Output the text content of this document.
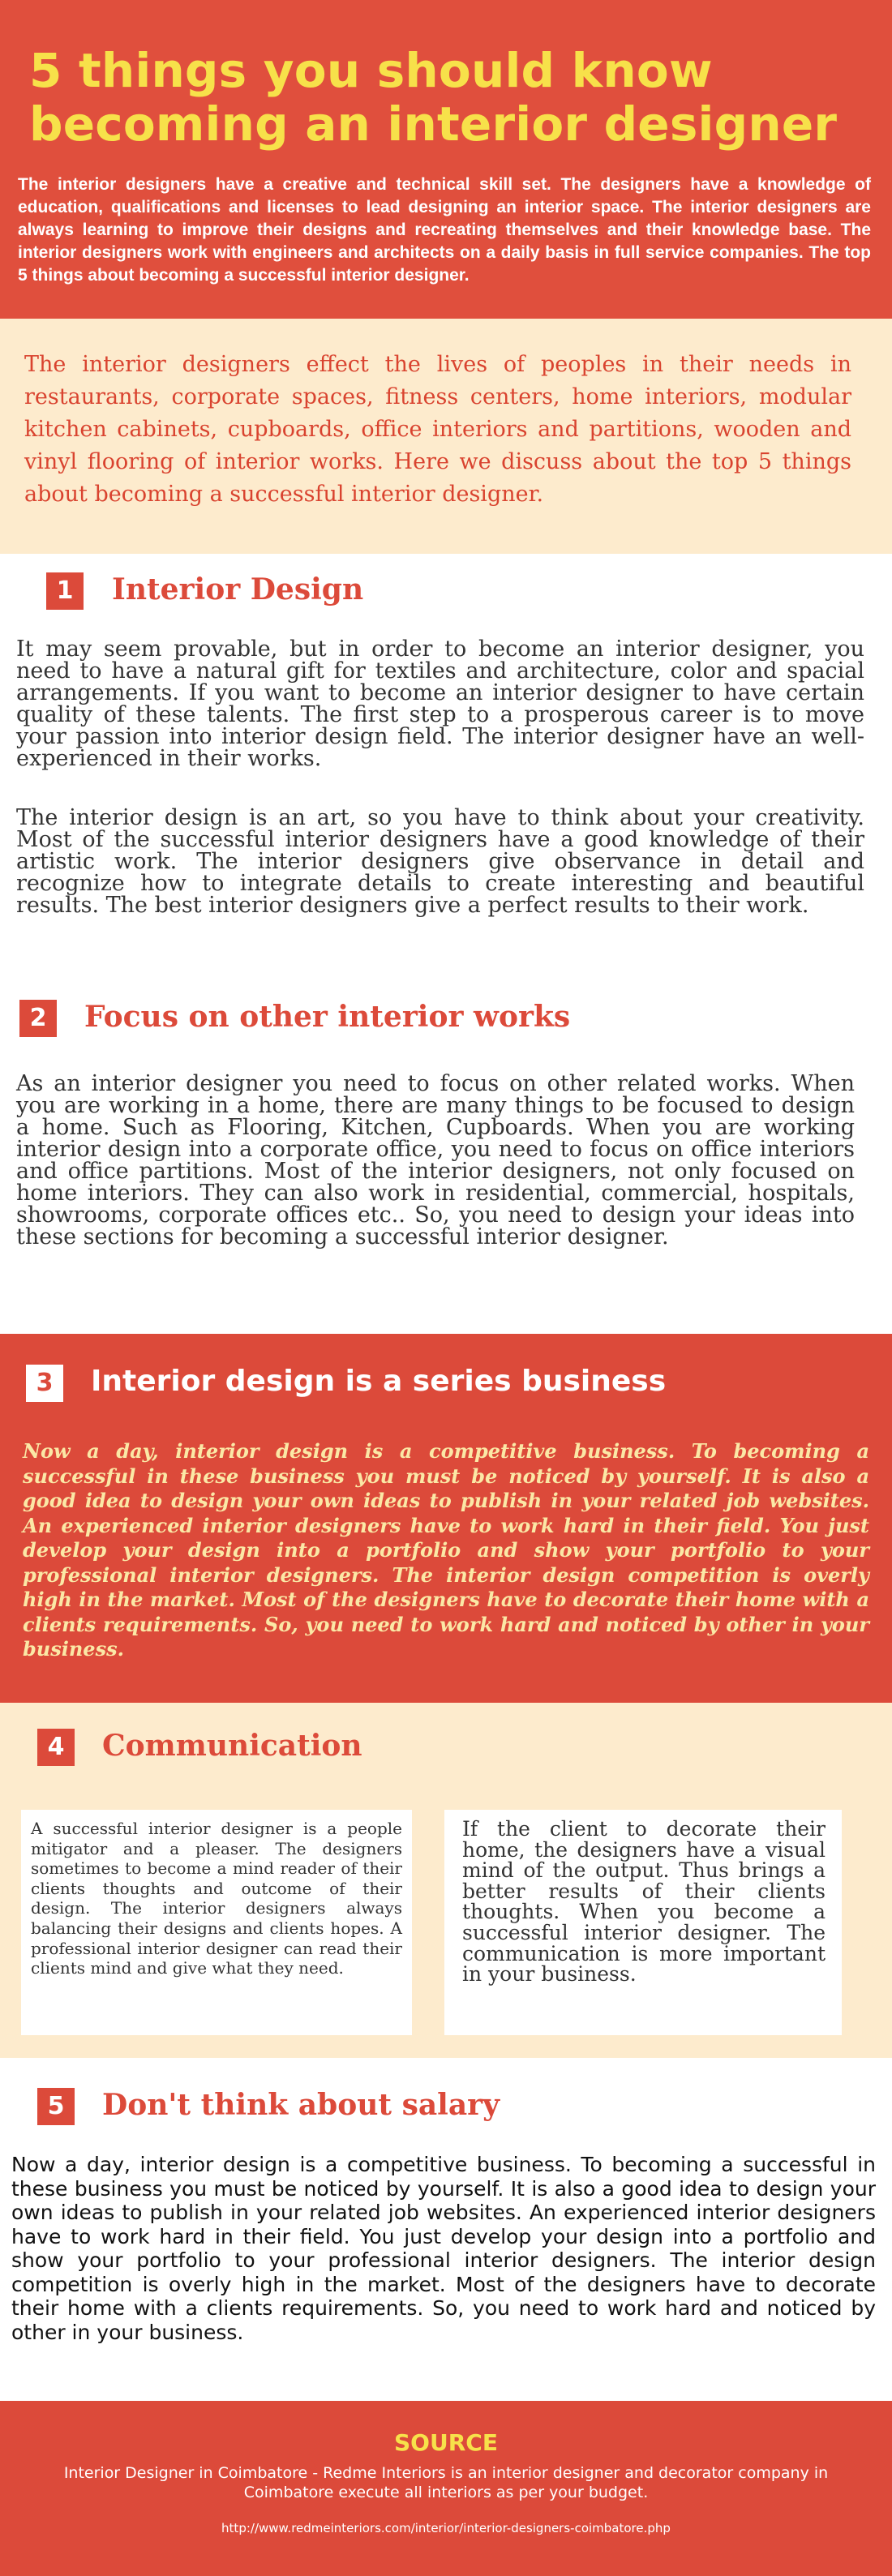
5 things you should know becoming an interior designer
The interior designers have a creative and technical skill set. The designers have a knowledge of education, qualifications and licenses to lead designing an interior space. The interior designers are always learning to improve their designs and recreating themselves and their knowledge base. The interior designers work with engineers and architects on a daily basis in full service companies. The top 5 things about becoming a successful interior designer.
The interior designers effect the lives of peoples in their needs in restaurants, corporate spaces, fitness centers, home interiors, modular kitchen cabinets, cupboards, office interiors and partitions, wooden and vinyl flooring of interior works. Here we discuss about the top 5 things about becoming a successful interior designer.
1	Interior Design
It may seem provable, but in order to become an interior designer, you need to have a natural gift for textiles and architecture, color and spacial arrangements. If you want to become an interior designer to have certain quality of these talents. The first step to a prosperous career is to move your passion into interior design field. The interior designer have an well-experienced in their works.
The interior design is an art, so you have to think about your creativity. Most of the successful interior designers have a good knowledge of their artistic work. The interior designers give observance in detail and recognize how to integrate details to create interesting and beautiful results. The best interior designers give a perfect results to their work.
2	Focus on other interior works
As an interior designer you need to focus on other related works. When you are working in a home, there are many things to be focused to design a home. Such as Flooring, Kitchen, Cupboards. When you are working interior design into a corporate office, you need to focus on office interiors and office partitions. Most of the interior designers, not only focused on home interiors. They can also work in residential, commercial, hospitals, showrooms, corporate offices etc.. So, you need to design your ideas into these sections for becoming a successful interior designer.
3	Interior design is a series business
Now a day, interior design is a competitive business. To becoming a successful in these business you must be noticed by yourself. It is also a good idea to design your own ideas to publish in your related job websites. An experienced interior designers have to work hard in their field. You just develop your design into a portfolio and show your portfolio to your professional interior designers. The interior design competition is overly high in the market. Most of the designers have to decorate their home with a clients requirements. So, you need to work hard and noticed by other in your business.
4	Communication
A successful interior designer is a people mitigator and a pleaser. The designers sometimes to become a mind reader of their clients thoughts and outcome of their design. The interior designers always balancing their designs and clients hopes. A professional interior designer can read their clients mind and give what they need.
If the client to decorate their home, the designers have a visual mind of the output. Thus brings a better results of their clients thoughts. When you become a successful interior designer. The communication is more important in your business.
5	Don't think about salary
Now a day, interior design is a competitive business. To becoming a successful in these business you must be noticed by yourself. It is also a good idea to design your own ideas to publish in your related job websites. An experienced interior designers have to work hard in their field. You just develop your design into a portfolio and show your portfolio to your professional interior designers. The interior design competition is overly high in the market. Most of the designers have to decorate their home with a clients requirements. So, you need to work hard and noticed by other in your business.
SOURCE
Interior Designer in Coimbatore - Redme Interiors is an interior designer and decorator company in Coimbatore execute all interiors as per your budget.
http://www.redmeinteriors.com/interior/interior-designers-coimbatore.php
